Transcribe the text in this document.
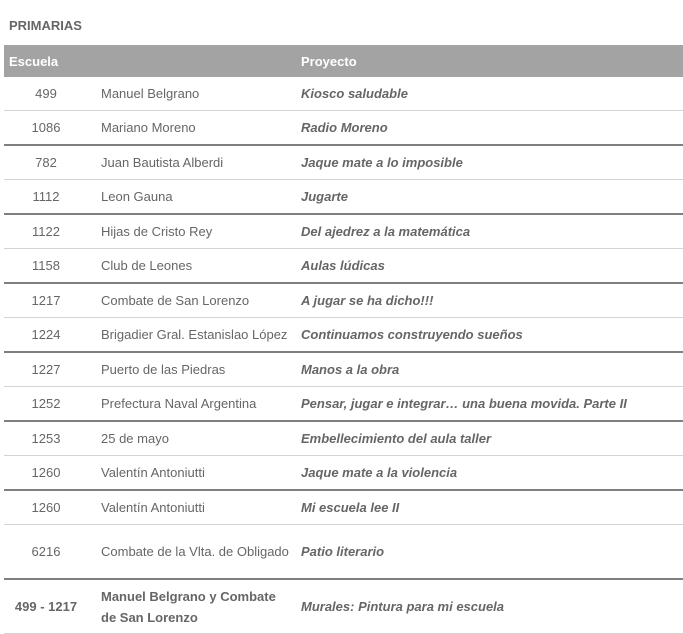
PRIMARIAS
Escuela		Proyecto
499	Manuel Belgrano	Kiosco saludable
1086	Mariano Moreno	Radio Moreno
782	Juan Bautista Alberdi	Jaque mate a lo imposible
1112	Leon Gauna	Jugarte
1122	Hijas de Cristo Rey	Del ajedrez a la matemática
1158	Club de Leones	Aulas lúdicas
1217	Combate de San Lorenzo	A jugar se ha dicho!!!
1224	Brigadier Gral. Estanislao López	Continuamos construyendo sueños
1227	Puerto de las Piedras	Manos a la obra
1252	Prefectura Naval Argentina	Pensar, jugar e integrar… una buena movida. Parte II
1253	25 de mayo	Embellecimiento del aula taller
1260	Valentín Antoniutti	Jaque mate a la violencia
1260	Valentín Antoniutti	Mi escuela lee II
6216	Combate de la Vlta. de Obligado	Patio literario
499 - 1217	Manuel Belgrano y Combate de San Lorenzo	Murales: Pintura para mi escuela
